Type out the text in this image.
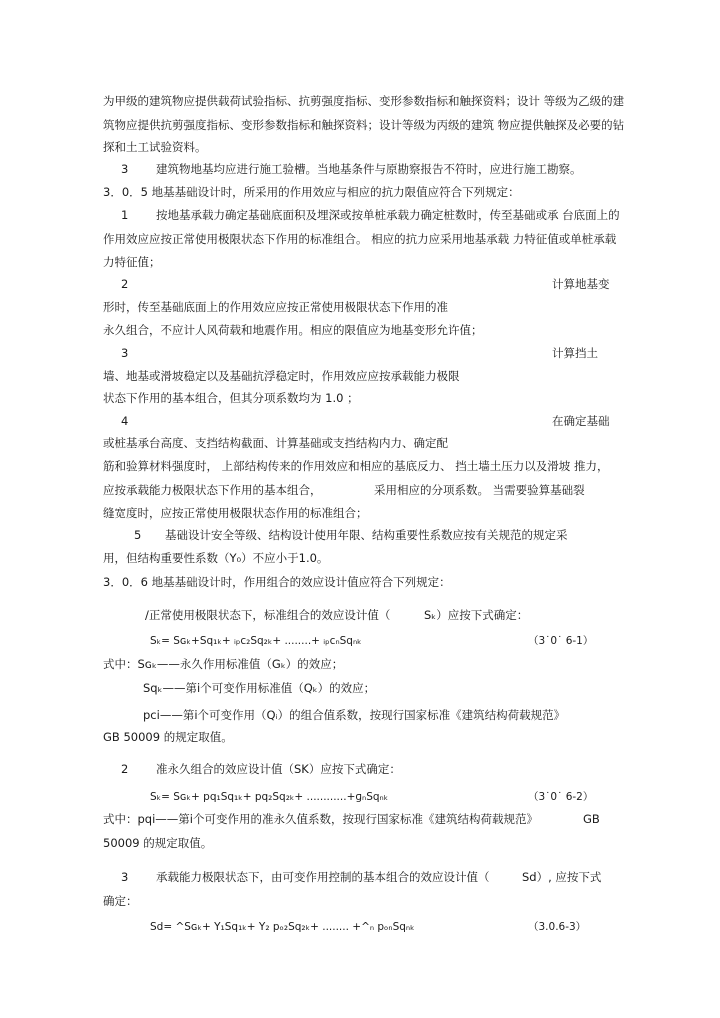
为甲级的建筑物应提供载荷试验指标、抗剪强度指标、变形参数指标和触探资料；设计 等级为乙级的建
筑物应提供抗剪强度指标、变形参数指标和触探资料；设计等级为丙级的建筑 物应提供触探及必要的钻
探和土工试验资料。
3 建筑物地基均应进行施工验槽。当地基条件与原勘察报告不符时，应进行施工勘察。
3．0．5 地基基础设计时，所采用的作用效应与相应的抗力限值应符合下列规定：
1 按地基承载力确定基础底面积及埋深或按单桩承载力确定桩数时，传至基础或承 台底面上的
作用效应应按正常使用极限状态下作用的标准组合。 相应的抗力应采用地基承载 力特征值或单桩承载
力特征值；
2	计算地基变
形时，传至基础底面上的作用效应应按正常使用极限状态下作用的准
永久组合，不应计人风荷载和地震作用。相应的限值应为地基变形允许值；
3	计算挡土
墙、地基或滑坡稳定以及基础抗浮稳定时，作用效应应按承载能力极限
状态下作用的基本组合，但其分项系数均为 1.0 ；
4	在确定基础
或桩基承台高度、支挡结构截面、计算基础或支挡结构内力、确定配
筋和验算材料强度时， 上部结构传来的作用效应和相应的基底反力、 挡土墙土压力以及滑坡 推力，
应按承载能力极限状态下作用的基本组合，	采用相应的分项系数。 当需要验算基础裂
缝宽度时，应按正常使用极限状态作用的标准组合；
5 基础设计安全等级、结构设计使用年限、结构重要性系数应按有关规范的规定采
用，但结构重要性系数（Y₀）不应小于1.0。
3．0．6 地基基础设计时，作用组合的效应设计值应符合下列规定：
/正常使用极限状态下，标准组合的效应设计值（	Sₖ）应按下式确定：
Sₖ= Sɢₖ+Sq₁ₖ+ ᵢₚc₂Sq₂ₖ+ ........+ ᵢₚcₙSqₙₖ	（3˙0˙ 6-1）
式中：Sɢₖ——永久作用标准值（Gₖ）的效应；
Sqₖ——第i个可变作用标准值（Qₖ）的效应；
pci——第i个可变作用（Qᵢ）的组合值系数，按现行国家标准《建筑结构荷载规范》
GB 50009 的规定取值。
2 准永久组合的效应设计值（SK）应按下式确定：
Sₖ= Sɢₖ+ pq₁Sq₁ₖ+ pq₂Sq₂ₖ+ ............+ɡₙSqₙₖ	（3˙0˙ 6-2）
式中：pqi——第i个可变作用的准永久值系数，按现行国家标准《建筑结构荷载规范》	GB
50009 的规定取值。
3 承载能力极限状态下，由可变作用控制的基本组合的效应设计值（	Sd）, 应按下式
确定：
Sd= ^Sɢₖ+ Y₁Sq₁ₖ+ Y₂ pₒ₂Sq₂ₖ+ ........ +^ₙ pₒₙSqₙₖ	（3.0.6-3）
